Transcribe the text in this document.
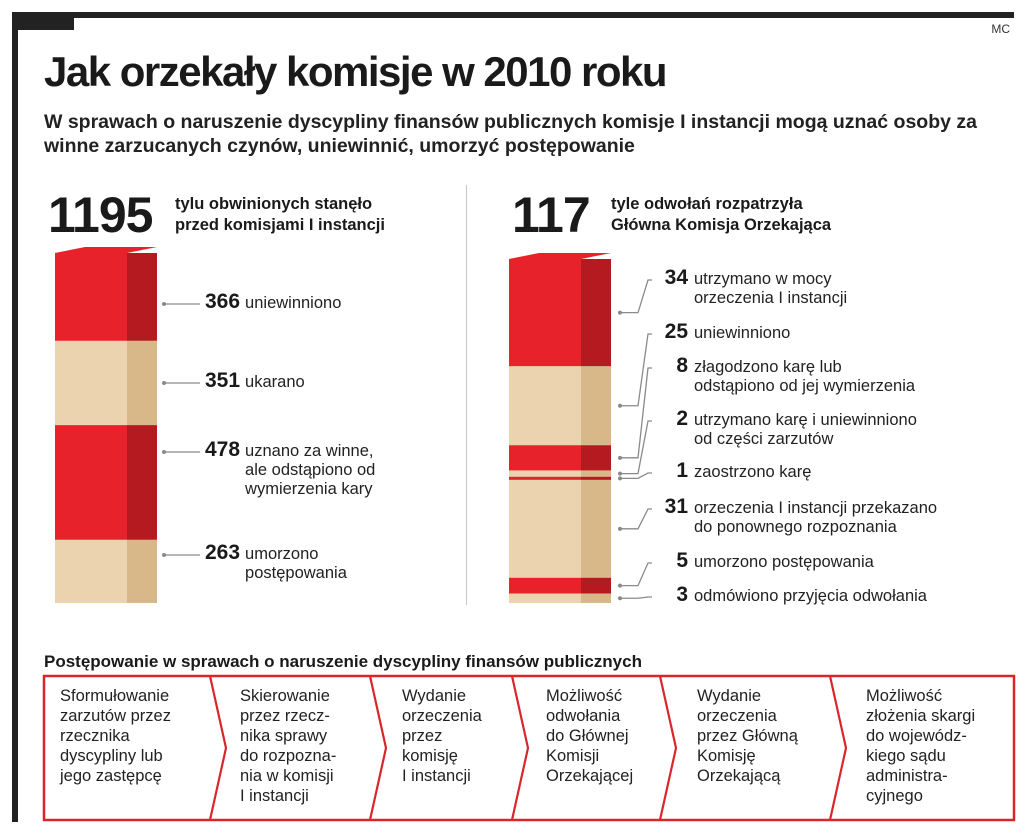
MC
Jak orzekały komisje w 2010 roku
W sprawach o naruszenie dyscypliny finansów publicznych komisje I instancji mogą uznać osoby za winne zarzucanych czynów, uniewinnić, umorzyć postępowanie
1195 tylu obwinionych stanęło
przed komisjami I instancji	117 tyle odwołań rozpatrzyła
Główna Komisja Orzekająca
366 uniewinniono
351 ukarano
478 uznano za winne,
ale odstąpiono od
wymierzenia kary
263 umorzono
postępowania
34 utrzymano w mocy
orzeczenia I instancji
25 uniewinniono
8 złagodzono karę lub
odstąpiono od jej wymierzenia
2 utrzymano karę i uniewinniono
od części zarzutów
1 zaostrzono karę
31 orzeczenia I instancji przekazano
do ponownego rozpoznania
5 umorzono postępowania
3 odmówiono przyjęcia odwołania
Postępowanie w sprawach o naruszenie dyscypliny finansów publicznych
Sformułowanie
zarzutów przez
rzecznika
dyscypliny lub
jego zastępcę
Skierowanie
przez rzecz-
nika sprawy
do rozpozna-
nia w komisji
I instancji
Wydanie
orzeczenia
przez
komisję
I instancji
Możliwość
odwołania
do Głównej
Komisji
Orzekającej
Wydanie
orzeczenia
przez Główną
Komisję
Orzekającą
Możliwość
złożenia skargi
do wojewódz-
kiego sądu
administra-
cyjnego
